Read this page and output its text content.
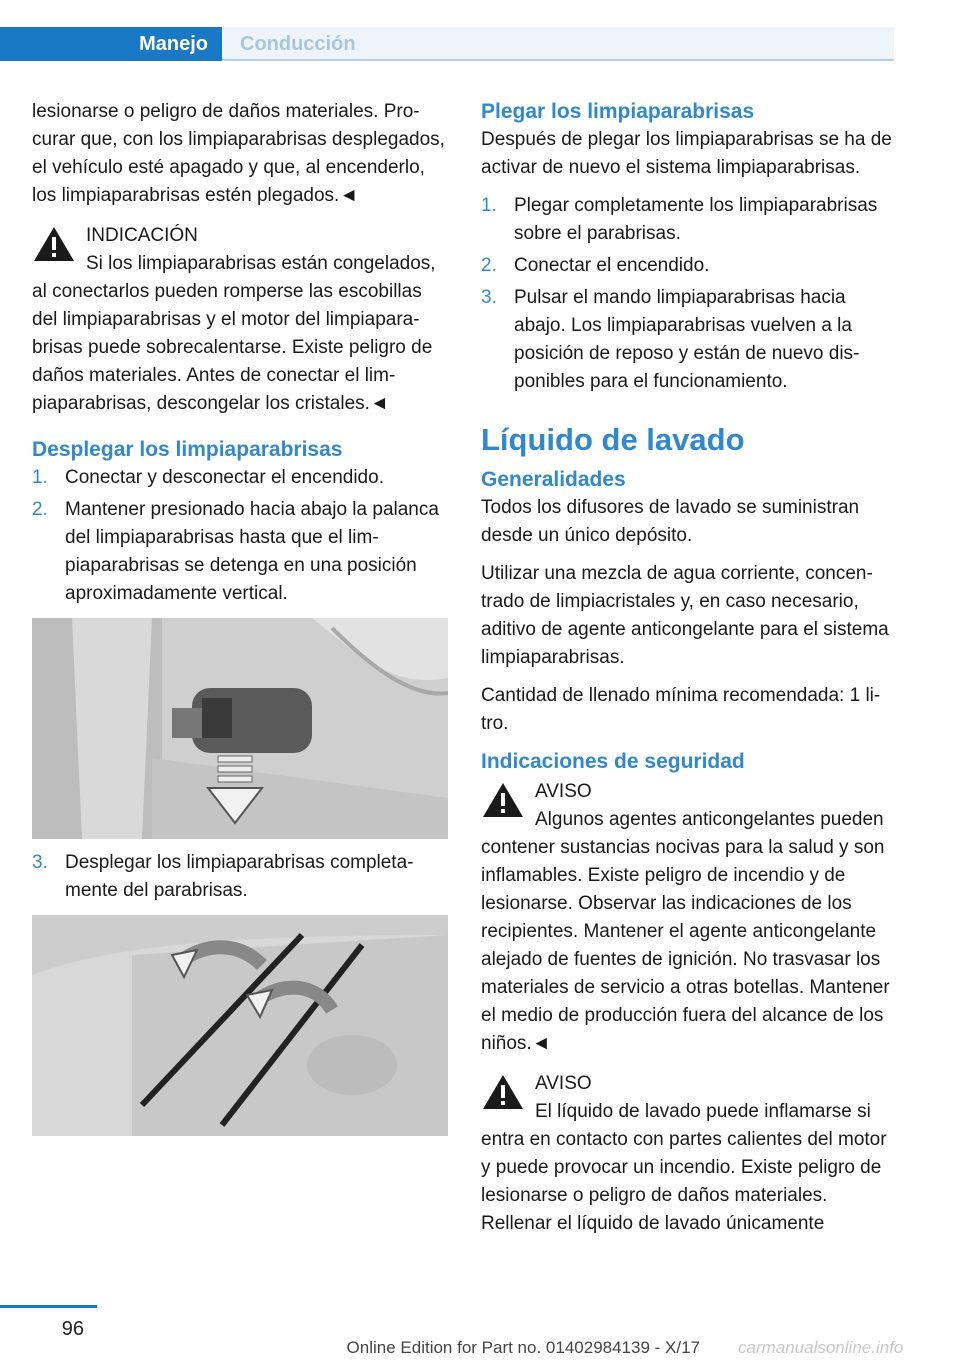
Manejo	Conducción

lesionarse o peligro de daños materiales. Procurar que, con los limpiaparabrisas desplegados, el vehículo esté apagado y que, al encenderlo, los limpiaparabrisas estén plegados.◄

INDICACIÓN
Si los limpiaparabrisas están congelados, al conectarlos pueden romperse las escobillas del limpiaparabrisas y el motor del limpiaparabrisas puede sobrecalentarse. Existe peligro de daños materiales. Antes de conectar el limpiaparabrisas, descongelar los cristales.◄
Desplegar los limpiaparabrisas
1. Conectar y desconectar el encendido.
2. Mantener presionado hacia abajo la palanca del limpiaparabrisas hasta que el limpiaparabrisas se detenga en una posición aproximadamente vertical.
3. Desplegar los limpiaparabrisas completamente del parabrisas.
Plegar los limpiaparabrisas

Después de plegar los limpiaparabrisas se ha de activar de nuevo el sistema limpiaparabrisas.

1. Plegar completamente los limpiaparabrisas sobre el parabrisas.
2. Conectar el encendido.
3. Pulsar el mando limpiaparabrisas hacia abajo. Los limpiaparabrisas vuelven a la posición de reposo y están de nuevo disponibles para el funcionamiento.
Líquido de lavado
Generalidades

Todos los difusores de lavado se suministran desde un único depósito.

Utilizar una mezcla de agua corriente, concentrado de limpiacristales y, en caso necesario, aditivo de agente anticongelante para el sistema limpiaparabrisas.

Cantidad de llenado mínima recomendada: 1 litro.

Indicaciones de seguridad
AVISO
Algunos agentes anticongelantes pueden contener sustancias nocivas para la salud y son inflamables. Existe peligro de incendio y de lesionarse. Observar las indicaciones de los recipientes. Mantener el agente anticongelante alejado de fuentes de ignición. No trasvasar los materiales de servicio a otras botellas. Mantener el medio de producción fuera del alcance de los niños.◄
AVISO
El líquido de lavado puede inflamarse si entra en contacto con partes calientes del motor y puede provocar un incendio. Existe peligro de lesionarse o peligro de daños materiales. Rellenar el líquido de lavado únicamente
96
Online Edition for Part no. 01402984139 - X/17 carmanualsonline.info
